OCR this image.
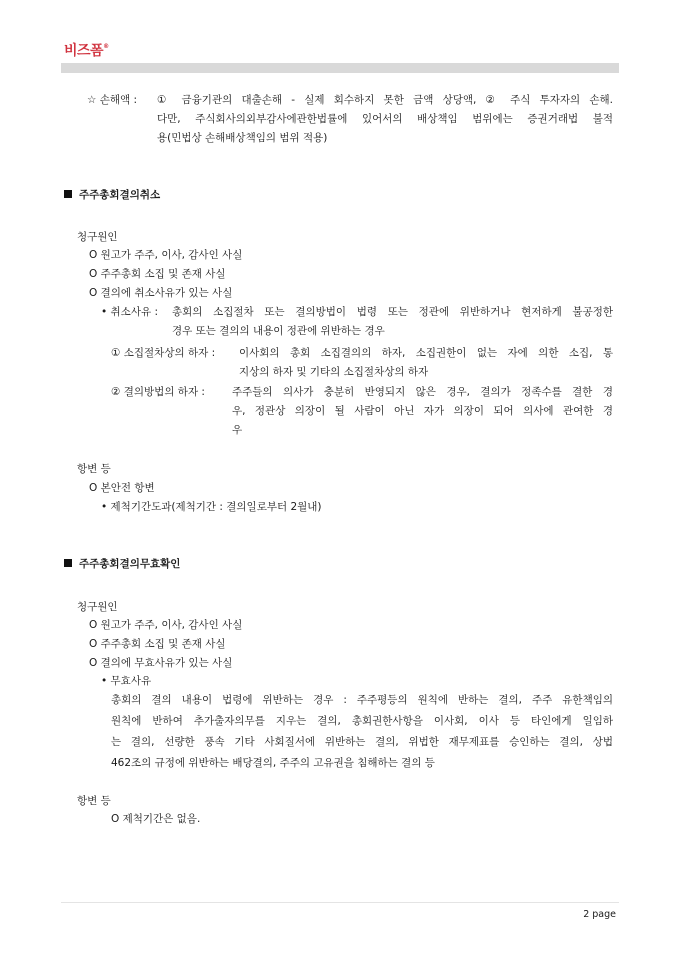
비즈폼®
☆ 손해액 : ① 금융기관의 대출손해 - 실제 회수하지 못한 금액 상당액, ② 주식 투자자의 손해.
다만, 주식회사의외부감사에관한법률에 있어서의 배상책임 범위에는 증권거래법 불적
용(민법상 손해배상책임의 범위 적용)
주주총회결의취소
청구원인
O 원고가 주주, 이사, 감사인 사실
O 주주총회 소집 및 존재 사실
O 결의에 취소사유가 있는 사실
• 취소사유 : 총회의 소집절차 또는 결의방법이 법령 또는 정관에 위반하거나 현저하게 불공정한
경우 또는 결의의 내용이 정관에 위반하는 경우
① 소집절차상의 하자 : 이사회의 총회 소집결의의 하자, 소집권한이 없는 자에 의한 소집, 통
지상의 하자 및 기타의 소집절차상의 하자
② 결의방법의 하자 :	주주들의 의사가 충분히 반영되지 않은 경우, 결의가 정족수를 결한 경
우, 정관상 의장이 될 사람이 아닌 자가 의장이 되어 의사에 관여한 경
우
항변 등
O 본안전 항변
• 제척기간도과(제척기간 : 결의일로부터 2월내)
주주총회결의무효확인
청구원인
O 원고가 주주, 이사, 감사인 사실
O 주주총회 소집 및 존재 사실
O 결의에 무효사유가 있는 사실
• 무효사유
총회의 결의 내용이 법령에 위반하는 경우 : 주주평등의 원칙에 반하는 결의, 주주 유한책임의
원칙에 반하여 추가출자의무를 지우는 결의, 총회권한사항을 이사회, 이사 등 타인에게 일임하
는 결의, 선량한 풍속 기타 사회질서에 위반하는 결의, 위법한 재무제표를 승인하는 결의, 상법
462조의 규정에 위반하는 배당결의, 주주의 고유권을 침해하는 결의 등
항변 등
O 제척기간은 없음.
2 page
